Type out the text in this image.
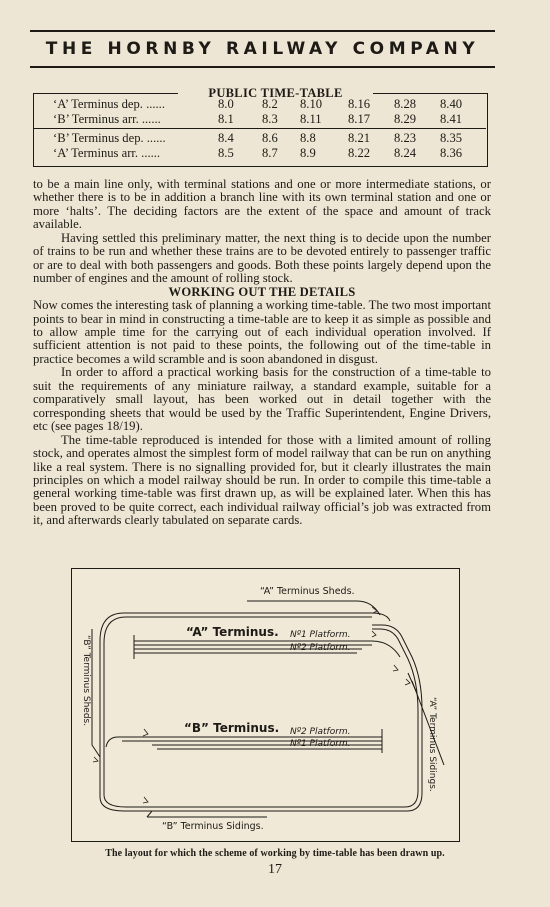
THE HORNBY RAILWAY COMPANY
PUBLIC TIME-TABLE
‘A’ Terminus dep. ......	8.0 8.2 8.10 8.16 8.28 8.40
‘B’ Terminus arr. ......	8.1 8.3 8.11 8.17 8.29 8.41
‘B’ Terminus dep. ......	8.4 8.6 8.8	8.21 8.23 8.35
‘A’ Terminus arr. ......	8.5 8.7 8.9	8.22 8.24 8.36

to be a main line only, with terminal stations and one or more intermediate stations, or whether there is to be in addition a branch line with its own terminal station and one or more ‘halts’. The deciding factors are the extent of the space and amount of track available.

Having settled this preliminary matter, the next thing is to decide upon the number of trains to be run and whether these trains are to be devoted entirely to passenger traffic or are to deal with both passengers and goods. Both these points largely depend upon the number of engines and the amount of rolling stock.

WORKING OUT THE DETAILS

Now comes the interesting task of planning a working time-table. The two most important points to bear in mind in constructing a time-table are to keep it as simple as possible and to allow ample time for the carrying out of each individual operation involved. If sufficient attention is not paid to these points, the following out of the time-table in practice becomes a wild scramble and is soon abandoned in disgust.

In order to afford a practical working basis for the construction of a time-table to suit the requirements of any miniature railway, a standard example, suitable for a comparatively small layout, has been worked out in detail together with the corresponding sheets that would be used by the Traffic Superintendent, Engine Drivers, etc (see pages 18/19).

The time-table reproduced is intended for those with a limited amount of rolling stock, and operates almost the simplest form of model railway that can be run on anything like a real system. There is no signalling provided for, but it clearly illustrates the main principles on which a model railway should be run. In order to compile this time-table a general working time-table was first drawn up, as will be explained later. When this has been proved to be quite correct, each individual railway official’s job was extracted from it, and afterwards clearly tabulated on separate cards.

“A” Terminus Sheds.
“A” Terminus. Nº1 Platform.
Nº2 Platform.
“B” Terminus Sheds.
“B” Terminus. Nº2 Platform.
Nº1 Platform.	“A” Terminus Sidings.
“B” Terminus Sidings.
The layout for which the scheme of working by time-table has been drawn up.
17
